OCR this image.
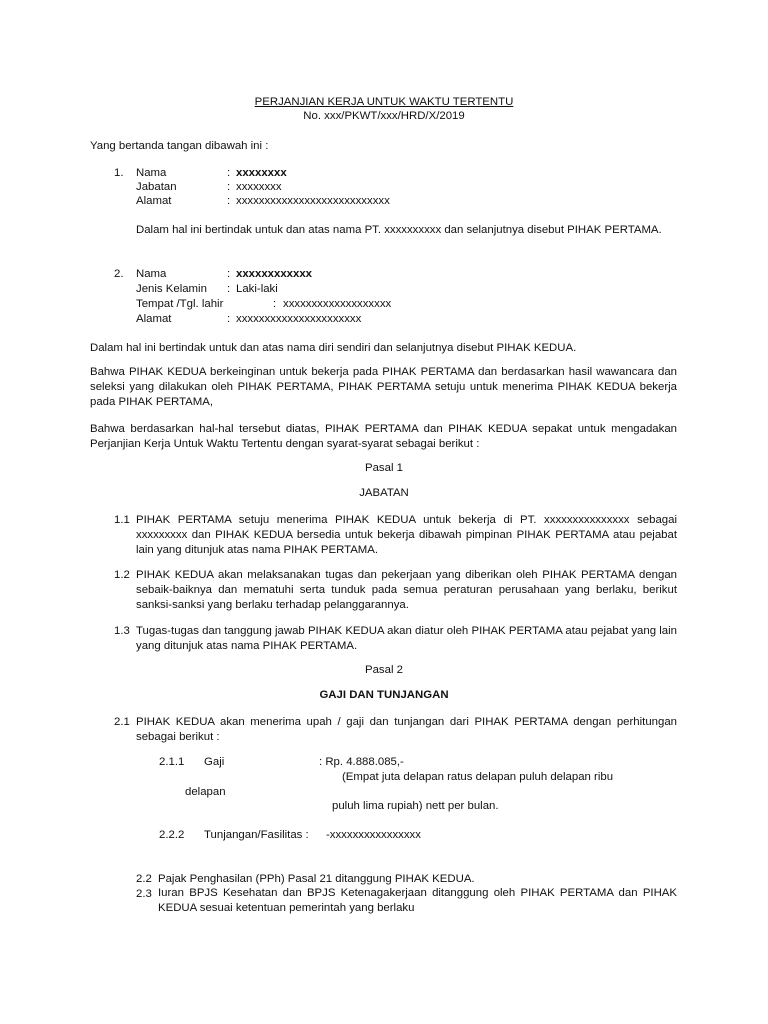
PERJANJIAN KERJA UNTUK WAKTU TERTENTU
No. xxx/PKWT/xxx/HRD/X/2019
Yang bertanda tangan dibawah ini :
1. Nama	: xxxxxxxx
Jabatan	: xxxxxxxx
Alamat	: xxxxxxxxxxxxxxxxxxxxxxxxxxx
Dalam hal ini bertindak untuk dan atas nama PT. xxxxxxxxxx dan selanjutnya disebut PIHAK PERTAMA.
2. Nama	: xxxxxxxxxxxx
Jenis Kelamin : Laki-laki
Tempat /Tgl. lahir	: xxxxxxxxxxxxxxxxxxx
Alamat	: xxxxxxxxxxxxxxxxxxxxxx
Dalam hal ini bertindak untuk dan atas nama diri sendiri dan selanjutnya disebut PIHAK KEDUA.
Bahwa PIHAK KEDUA berkeinginan untuk bekerja pada PIHAK PERTAMA dan berdasarkan hasil wawancara dan seleksi yang dilakukan oleh PIHAK PERTAMA, PIHAK PERTAMA setuju untuk menerima PIHAK KEDUA bekerja pada PIHAK PERTAMA,
Bahwa berdasarkan hal-hal tersebut diatas, PIHAK PERTAMA dan PIHAK KEDUA sepakat untuk mengadakan Perjanjian Kerja Untuk Waktu Tertentu dengan syarat-syarat sebagai berikut :
Pasal 1
JABATAN
1.1 PIHAK PERTAMA setuju menerima PIHAK KEDUA untuk bekerja di PT. xxxxxxxxxxxxxxx sebagai xxxxxxxxx dan PIHAK KEDUA bersedia untuk bekerja dibawah pimpinan PIHAK PERTAMA atau pejabat lain yang ditunjuk atas nama PIHAK PERTAMA.
1.2 PIHAK KEDUA akan melaksanakan tugas dan pekerjaan yang diberikan oleh PIHAK PERTAMA dengan sebaik-baiknya dan mematuhi serta tunduk pada semua peraturan perusahaan yang berlaku, berikut sanksi-sanksi yang berlaku terhadap pelanggarannya.
1.3 Tugas-tugas dan tanggung jawab PIHAK KEDUA akan diatur oleh PIHAK PERTAMA atau pejabat yang lain yang ditunjuk atas nama PIHAK PERTAMA.
Pasal 2
GAJI DAN TUNJANGAN
2.1 PIHAK KEDUA akan menerima upah / gaji dan tunjangan dari PIHAK PERTAMA dengan perhitungan sebagai berikut :
2.1.1 Gaji	: Rp. 4.888.085,-
(Empat juta delapan ratus delapan puluh delapan ribu
delapan
puluh lima rupiah) nett per bulan.
2.2.2 Tunjangan/Fasilitas : -xxxxxxxxxxxxxxxx
2.2 Pajak Penghasilan (PPh) Pasal 21 ditanggung PIHAK KEDUA.
2.3 Iuran BPJS Kesehatan dan BPJS Ketenagakerjaan ditanggung oleh PIHAK PERTAMA dan PIHAK KEDUA sesuai ketentuan pemerintah yang berlaku
